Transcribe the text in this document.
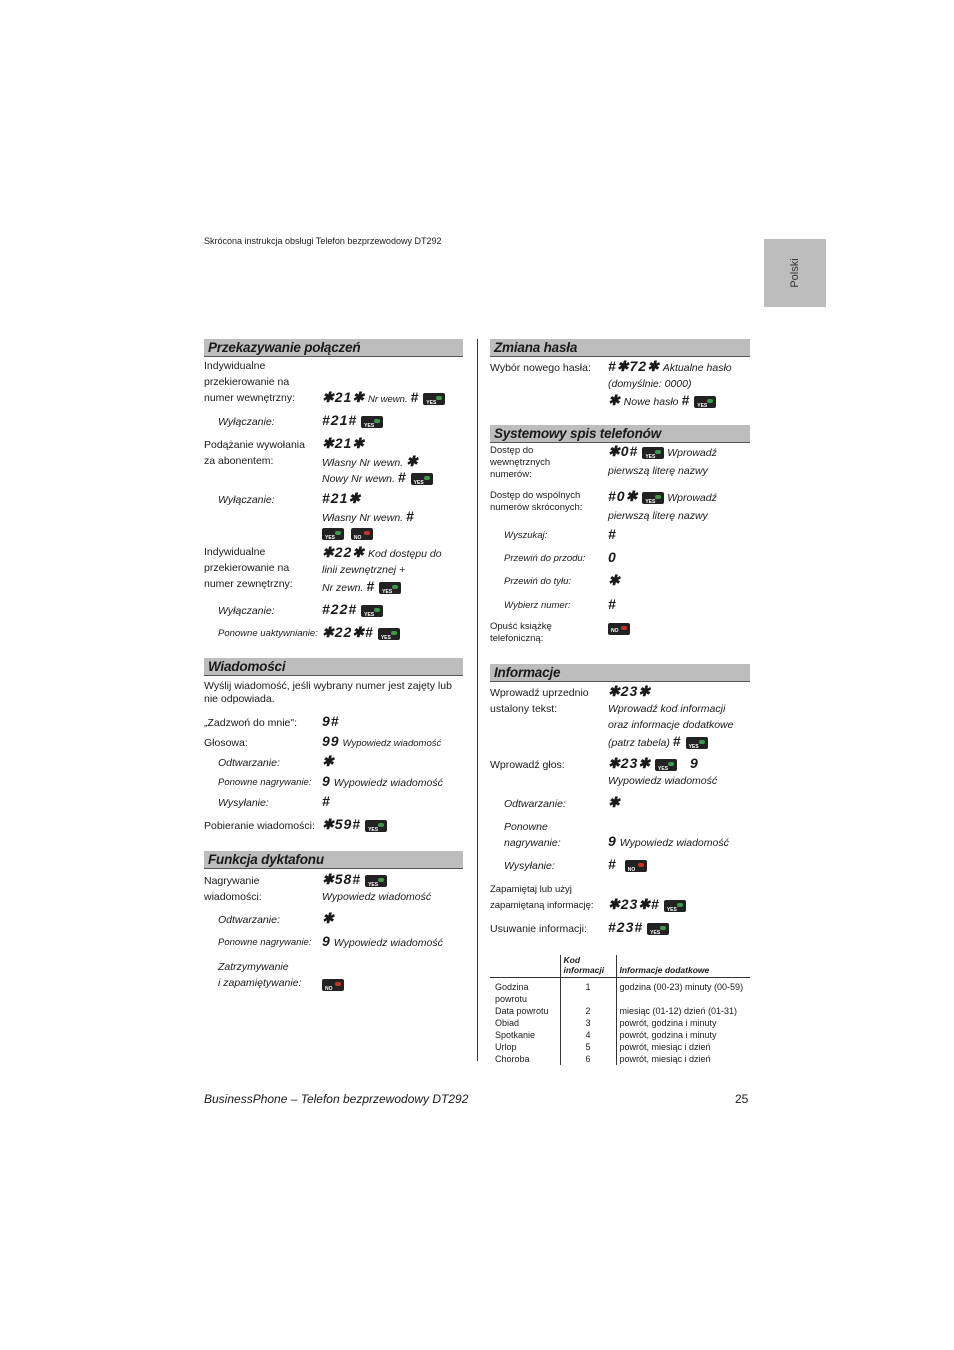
Skrócona instrukcja obsługi Telefon bezprzewodowy DT292
Polski
Przekazywanie połączeń
Indywidualne
przekierowanie na
numer wewnętrzny: ✱21✱ Nr wewn. # YES
Wyłączanie:	#21# YES
Podążanie wywołania
za abonentem:
✱21✱
Własny Nr wewn. ✱
Nowy Nr wewn. # YES
Wyłączanie:	#21✱
Własny Nr wewn. #
YES
	NO
Indywidualne
przekierowanie na
numer zewnętrzny:
✱22✱ Kod dostępu do
linii zewnętrznej +
Nr zewn. # YES
Wyłączanie:	#22# YES
Ponowne uaktywnianie: ✱22✱# YES
Wiadomości
Wyślij wiadomość, jeśli wybrany numer jest zajęty lub
nie odpowiada.
„Zadzwoń do mnie": 9#
Głosowa:	99 Wypowiedz wiadomość
Odtwarzanie:	✱
Ponowne nagrywanie: 9 Wypowiedz wiadomość
Wysyłanie:	#
Pobieranie wiadomości: ✱59# YES
Funkcja dyktafonu
Nagrywanie
wiadomości:
✱58# YES
Wypowiedz wiadomość
Odtwarzanie:	✱
Ponowne nagrywanie: 9 Wypowiedz wiadomość
Zatrzymywanie
i zapamiętywanie:
NO
Zmiana hasła
Wybór nowego hasła: #✱72✱ Aktualne hasło
(domyślnie: 0000)
✱ Nowe hasło # YES
Systemowy spis telefonów
Dostęp do
wewnętrznych
numerów:
✱0# YES Wprowadź
pierwszą literę nazwy
Dostęp do wspólnych
numerów skróconych:
#0✱ YES Wprowadź
pierwszą literę nazwy
Wyszukaj:	#
Przewiń do przodu: 0
Przewiń do tyłu:	✱
Wybierz numer:	#
Opuść książkę
telefoniczną:
NO
Informacje
Wprowadź uprzednio
ustalony tekst:
✱23✱
Wprowadź kod informacji
oraz informacje dodatkowe
(patrz tabela) # YES
Wprowadź głos:	✱23✱ YES 9
Wypowiedz wiadomość
Odtwarzanie:	✱
Ponowne
nagrywanie:	9 Wypowiedz wiadomość
Wysyłanie:	# NO
Zapamiętaj lub użyj
zapamiętaną informację: ✱23✱# YES
Usuwanie informacji: #23# YES
	Kod
informacji	Informacje dodatkowe
Godzina
powrotu	1	godzina (00-23) minuty (00-59)
Data powrotu	2	miesiąc (01-12) dzień (01-31)
Obiad	3	powrót, godzina i minuty
Spotkanie	4	powrót, godzina i minuty
Urlop	5	powrót, miesiąc i dzień
Choroba	6	powrót, miesiąc i dzień
BusinessPhone – Telefon bezprzewodowy DT292	25
